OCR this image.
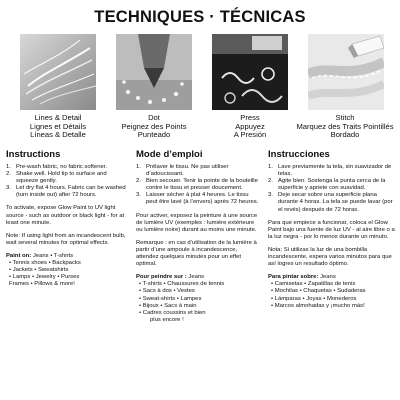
TECHNIQUES · TÉCNICAS
Lines & Detail
Lignes et Détails
Líneas & Detalle
Dot
Peignez des Points
Punteado
Press
Appuyez
A Presión
Stitch
Marquez des Traits Pointillés
Bordado
Instructions
1. Pre-wash fabric, no fabric softener.
2. Shake well. Hold tip to surface and squeeze gently.
3. Let dry flat 4 hours. Fabric can be washed (turn inside out) after 72 hours.

To activate, expose Glow Paint to UV light source - such as outdoor or black light - for at least one minute.

Note: If using light from an incandescent bulb, wait several minutes for optimal effects.

Paint on: Jeans • T-shirts

• Tennis shoes • Backpacks
• Jackets • Sweatshirts
• Lamps • Jewelry • Purses
Frames • Pillows & more!
Mode d’emploi
1. Prélaver le tissu. Ne pas utiliser d’adoucissant.
2. Bien secouer. Tenir la pointe de la bouteille contre le tissu et presser doucement.
3. Laisser sécher à plat 4 heures. Le tissu peut être lavé (à l’envers) après 72 heures.

Pour activer, exposez la peinture à une source de lumière UV (exemples : lumière extérieure ou lumière noire) durant au moins une minute.

Remarque : en cas d’utilisation de la lumière à partir d’une ampoule à incandescence, attendez quelques minutes pour un effet optimal.

Pour peindre sur : Jeans

• T-shirts • Chaussures de tennis
• Sacs à dos • Vestes
• Sweat-shirts • Lampes
• Bijoux • Sacs à main
• Cadres coussins et bien
plus encore !
Instrucciones
1. Lave previamente la tela, sin suavizador de telas.
2. Agite bien. Sostenga la punta cerca de la superficie y apriete con suavidad.
3. Deje secar sobre una superficie plana durante 4 horas. La tela se puede lavar (por el revés) después de 72 horas.

Para que empiece a funcionar, coloca el Glow Paint bajo una fuente de luz UV - al aire libre o a la luz negra - por lo menos durante un minuto.

Nota: Si utilizas la luz de una bombilla incandescente, espera varios minutos para que así logres un resultado óptimo.

Para pintar sobre: Jeans

• Camisetas • Zapatillas de tenis
• Mochilas • Chaquetas • Sudaderas
• Lámparas • Joyas • Monederos
• Marcos almohadas y ¡mucho más!
